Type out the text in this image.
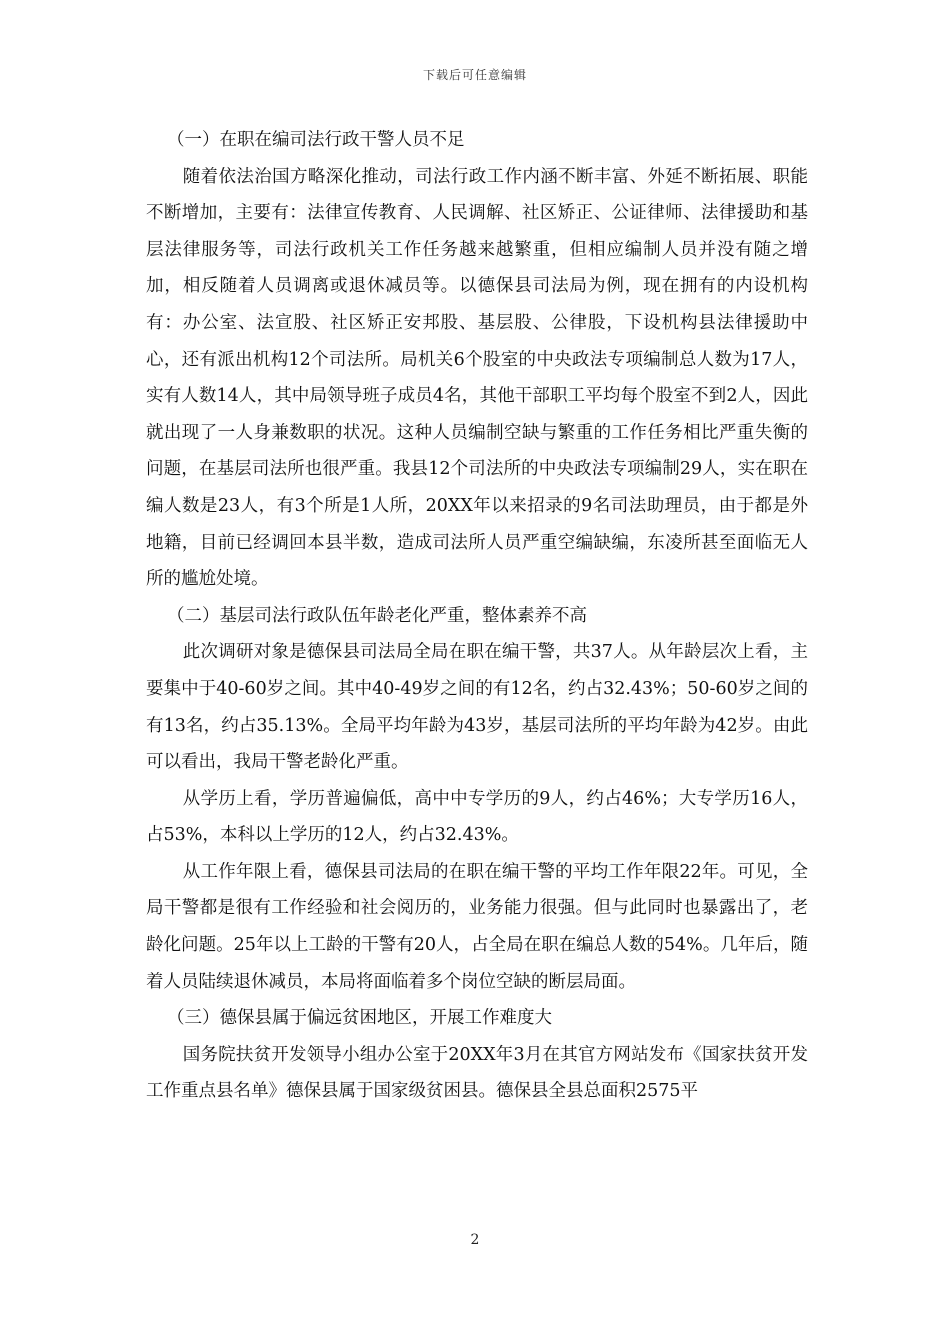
下载后可任意编辑

（一）在职在编司法行政干警人员不足

随着依法治国方略深化推动，司法行政工作内涵不断丰富、外延不断拓展、职能不断增加，主要有：法律宣传教育、人民调解、社区矫正、公证律师、法律援助和基层法律服务等，司法行政机关工作任务越来越繁重，但相应编制人员并没有随之增加，相反随着人员调离或退休减员等。以德保县司法局为例，现在拥有的内设机构有：办公室、法宣股、社区矫正安邦股、基层股、公律股，下设机构县法律援助中心，还有派出机构12个司法所。局机关6个股室的中央政法专项编制总人数为17人，实有人数14人，其中局领导班子成员4名，其他干部职工平均每个股室不到2人，因此就出现了一人身兼数职的状况。这种人员编制空缺与繁重的工作任务相比严重失衡的问题，在基层司法所也很严重。我县12个司法所的中央政法专项编制29人，实在职在编人数是23人，有3个所是1人所，20XX年以来招录的9名司法助理员，由于都是外地籍，目前已经调回本县半数，造成司法所人员严重空编缺编，东凌所甚至面临无人所的尴尬处境。

（二）基层司法行政队伍年龄老化严重，整体素养不高

此次调研对象是德保县司法局全局在职在编干警，共37人。从年龄层次上看，主要集中于40-60岁之间。其中40-49岁之间的有12名，约占32.43%；50-60岁之间的有13名，约占35.13%。全局平均年龄为43岁，基层司法所的平均年龄为42岁。由此可以看出，我局干警老龄化严重。

从学历上看，学历普遍偏低，高中中专学历的9人，约占46%；大专学历16人，占53%，本科以上学历的12人，约占32.43%。

从工作年限上看，德保县司法局的在职在编干警的平均工作年限22年。可见，全局干警都是很有工作经验和社会阅历的，业务能力很强。但与此同时也暴露出了，老龄化问题。25年以上工龄的干警有20人，占全局在职在编总人数的54%。几年后，随着人员陆续退休减员，本局将面临着多个岗位空缺的断层局面。

（三）德保县属于偏远贫困地区，开展工作难度大

国务院扶贫开发领导小组办公室于20XX年3月在其官方网站发布《国家扶贫开发工作重点县名单》德保县属于国家级贫困县。德保县全县总面积2575平

2
